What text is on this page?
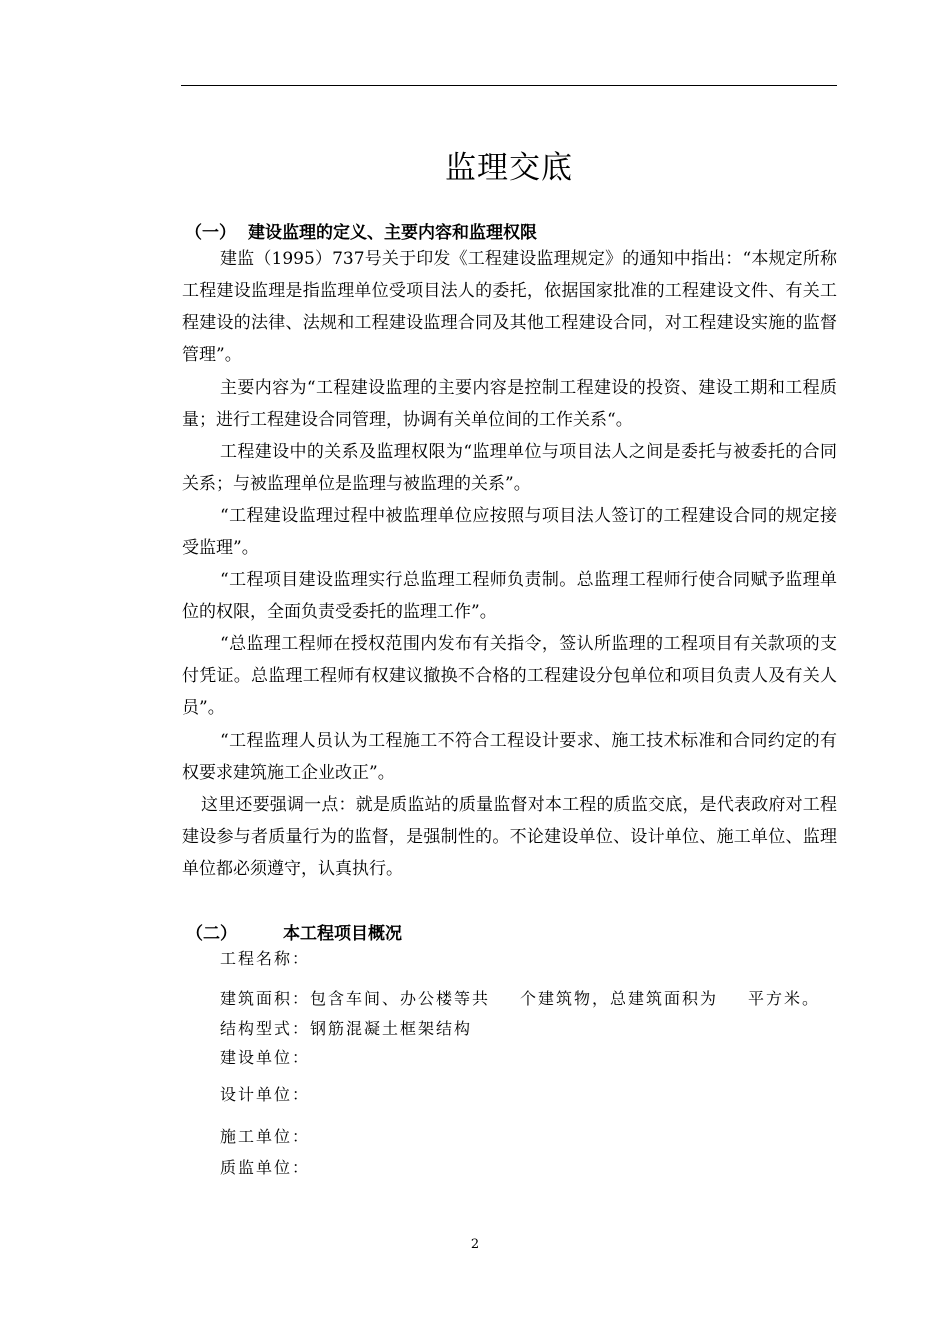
监理交底
（一） 建设监理的定义、主要内容和监理权限
建监（1995）737号关于印发《工程建设监理规定》的通知中指出：“本规定所称工程建设监理是指监理单位受项目法人的委托，依据国家批准的工程建设文件、有关工程建设的法律、法规和工程建设监理合同及其他工程建设合同，对工程建设实施的监督管理”。
主要内容为“工程建设监理的主要内容是控制工程建设的投资、建设工期和工程质量；进行工程建设合同管理，协调有关单位间的工作关系“。
工程建设中的关系及监理权限为“监理单位与项目法人之间是委托与被委托的合同关系；与被监理单位是监理与被监理的关系”。
“工程建设监理过程中被监理单位应按照与项目法人签订的工程建设合同的规定接受监理”。
“工程项目建设监理实行总监理工程师负责制。总监理工程师行使合同赋予监理单位的权限，全面负责受委托的监理工作”。
“总监理工程师在授权范围内发布有关指令，签认所监理的工程项目有关款项的支付凭证。总监理工程师有权建议撤换不合格的工程建设分包单位和项目负责人及有关人员”。
“工程监理人员认为工程施工不符合工程设计要求、施工技术标准和合同约定的有权要求建筑施工企业改正”。
这里还要强调一点：就是质监站的质量监督对本工程的质监交底，是代表政府对工程建设参与者质量行为的监督，是强制性的。不论建设单位、设计单位、施工单位、监理单位都必须遵守，认真执行。
（二）	本工程项目概况
工程名称：
建筑面积：包含车间、办公楼等共 个建筑物，总建筑面积为 平方米。
结构型式：钢筋混凝土框架结构
建设单位：
设计单位：
施工单位：
质监单位：
2
